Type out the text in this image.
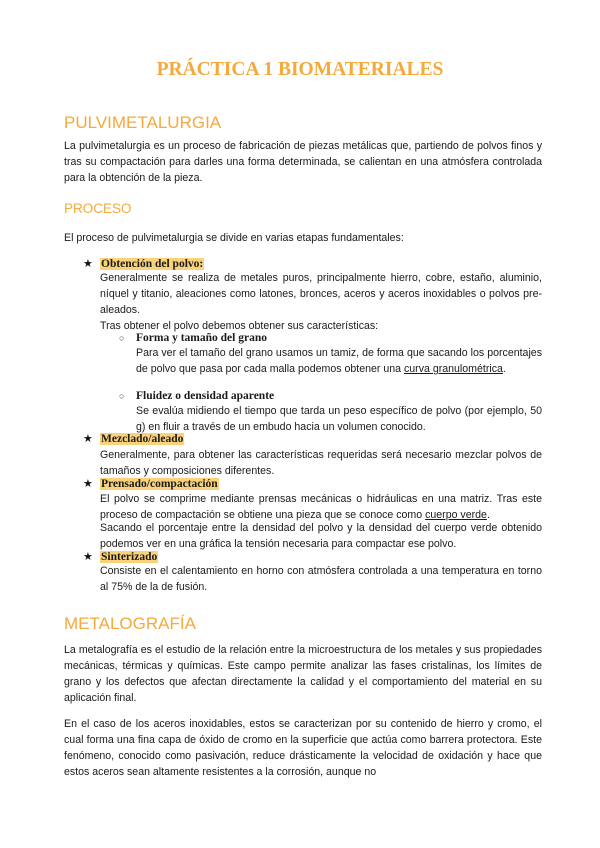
PRÁCTICA 1 BIOMATERIALES
PULVIMETALURGIA

La pulvimetalurgia es un proceso de fabricación de piezas metálicas que, partiendo de polvos finos y tras su compactación para darles una forma determinada, se calientan en una atmósfera controlada para la obtención de la pieza.

PROCESO

El proceso de pulvimetalurgia se divide en varias etapas fundamentales:

★ Obtención del polvo:

Generalmente se realiza de metales puros, principalmente hierro, cobre, estaño, aluminio, níquel y titanio, aleaciones como latones, bronces, aceros y aceros inoxidables o polvos pre-aleados.

Tras obtener el polvo debemos obtener sus características:

○ Forma y tamaño del grano

Para ver el tamaño del grano usamos un tamiz, de forma que sacando los porcentajes de polvo que pasa por cada malla podemos obtener una curva granulométrica.

○ Fluidez o densidad aparente

Se evalúa midiendo el tiempo que tarda un peso específico de polvo (por ejemplo, 50 g) en fluir a través de un embudo hacia un volumen conocido.

★ Mezclado/aleado

Generalmente, para obtener las características requeridas será necesario mezclar polvos de tamaños y composiciones diferentes.

★ Prensado/compactación

El polvo se comprime mediante prensas mecánicas o hidráulicas en una matriz. Tras este proceso de compactación se obtiene una pieza que se conoce como cuerpo verde.

Sacando el porcentaje entre la densidad del polvo y la densidad del cuerpo verde obtenido podemos ver en una gráfica la tensión necesaria para compactar ese polvo.

★ Sinterizado

Consiste en el calentamiento en horno con atmósfera controlada a una temperatura en torno al 75% de la de fusión.

METALOGRAFÍA

La metalografía es el estudio de la relación entre la microestructura de los metales y sus propiedades mecánicas, térmicas y químicas. Este campo permite analizar las fases cristalinas, los límites de grano y los defectos que afectan directamente la calidad y el comportamiento del material en su aplicación final.

En el caso de los aceros inoxidables, estos se caracterizan por su contenido de hierro y cromo, el cual forma una fina capa de óxido de cromo en la superficie que actúa como barrera protectora. Este fenómeno, conocido como pasivación, reduce drásticamente la velocidad de oxidación y hace que estos aceros sean altamente resistentes a la corrosión, aunque no
